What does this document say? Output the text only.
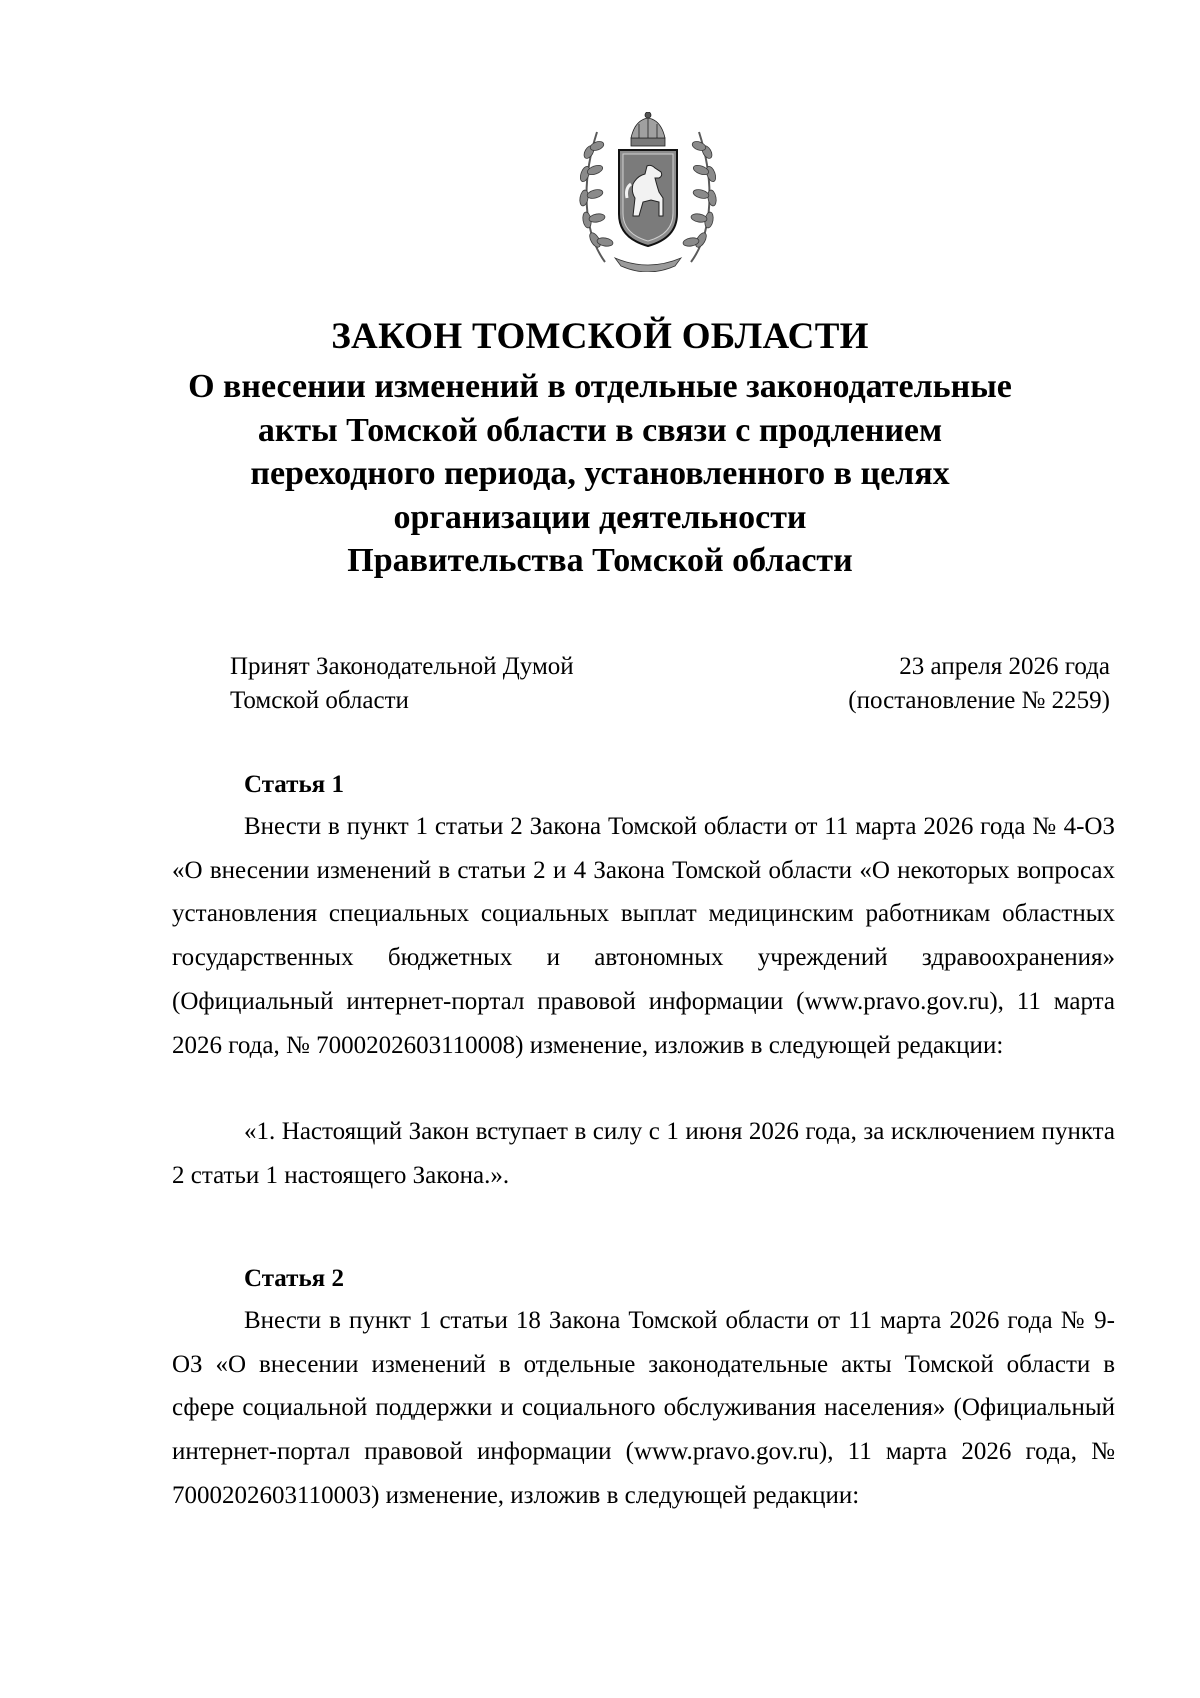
ЗАКОН ТОМСКОЙ ОБЛАСТИ

О внесении изменений в отдельные законодательные
акты Томской области в связи с продлением
переходного периода, установленного в целях
организации деятельности
Правительства Томской области

Принят Законодательной Думой
Томской области
23 апреля 2026 года
(постановление № 2259)
Статья 1

Внести в пункт 1 статьи 2 Закона Томской области от 11 марта 2026 года № 4-ОЗ «О внесении изменений в статьи 2 и 4 Закона Томской области «О некоторых вопросах установления специальных социальных выплат медицинским работникам областных государственных бюджетных и автономных учреждений здравоохранения» (Официальный интернет-портал правовой информации (www.pravo.gov.ru), 11 марта 2026 года, № 7000202603110008) изменение, изложив в следующей редакции:

«1. Настоящий Закон вступает в силу с 1 июня 2026 года, за исключением пункта 2 статьи 1 настоящего Закона.».

Статья 2

Внести в пункт 1 статьи 18 Закона Томской области от 11 марта 2026 года № 9-ОЗ «О внесении изменений в отдельные законодательные акты Томской области в сфере социальной поддержки и социального обслуживания населения» (Официальный интернет-портал правовой информации (www.pravo.gov.ru), 11 марта 2026 года, № 7000202603110003) изменение, изложив в следующей редакции:
